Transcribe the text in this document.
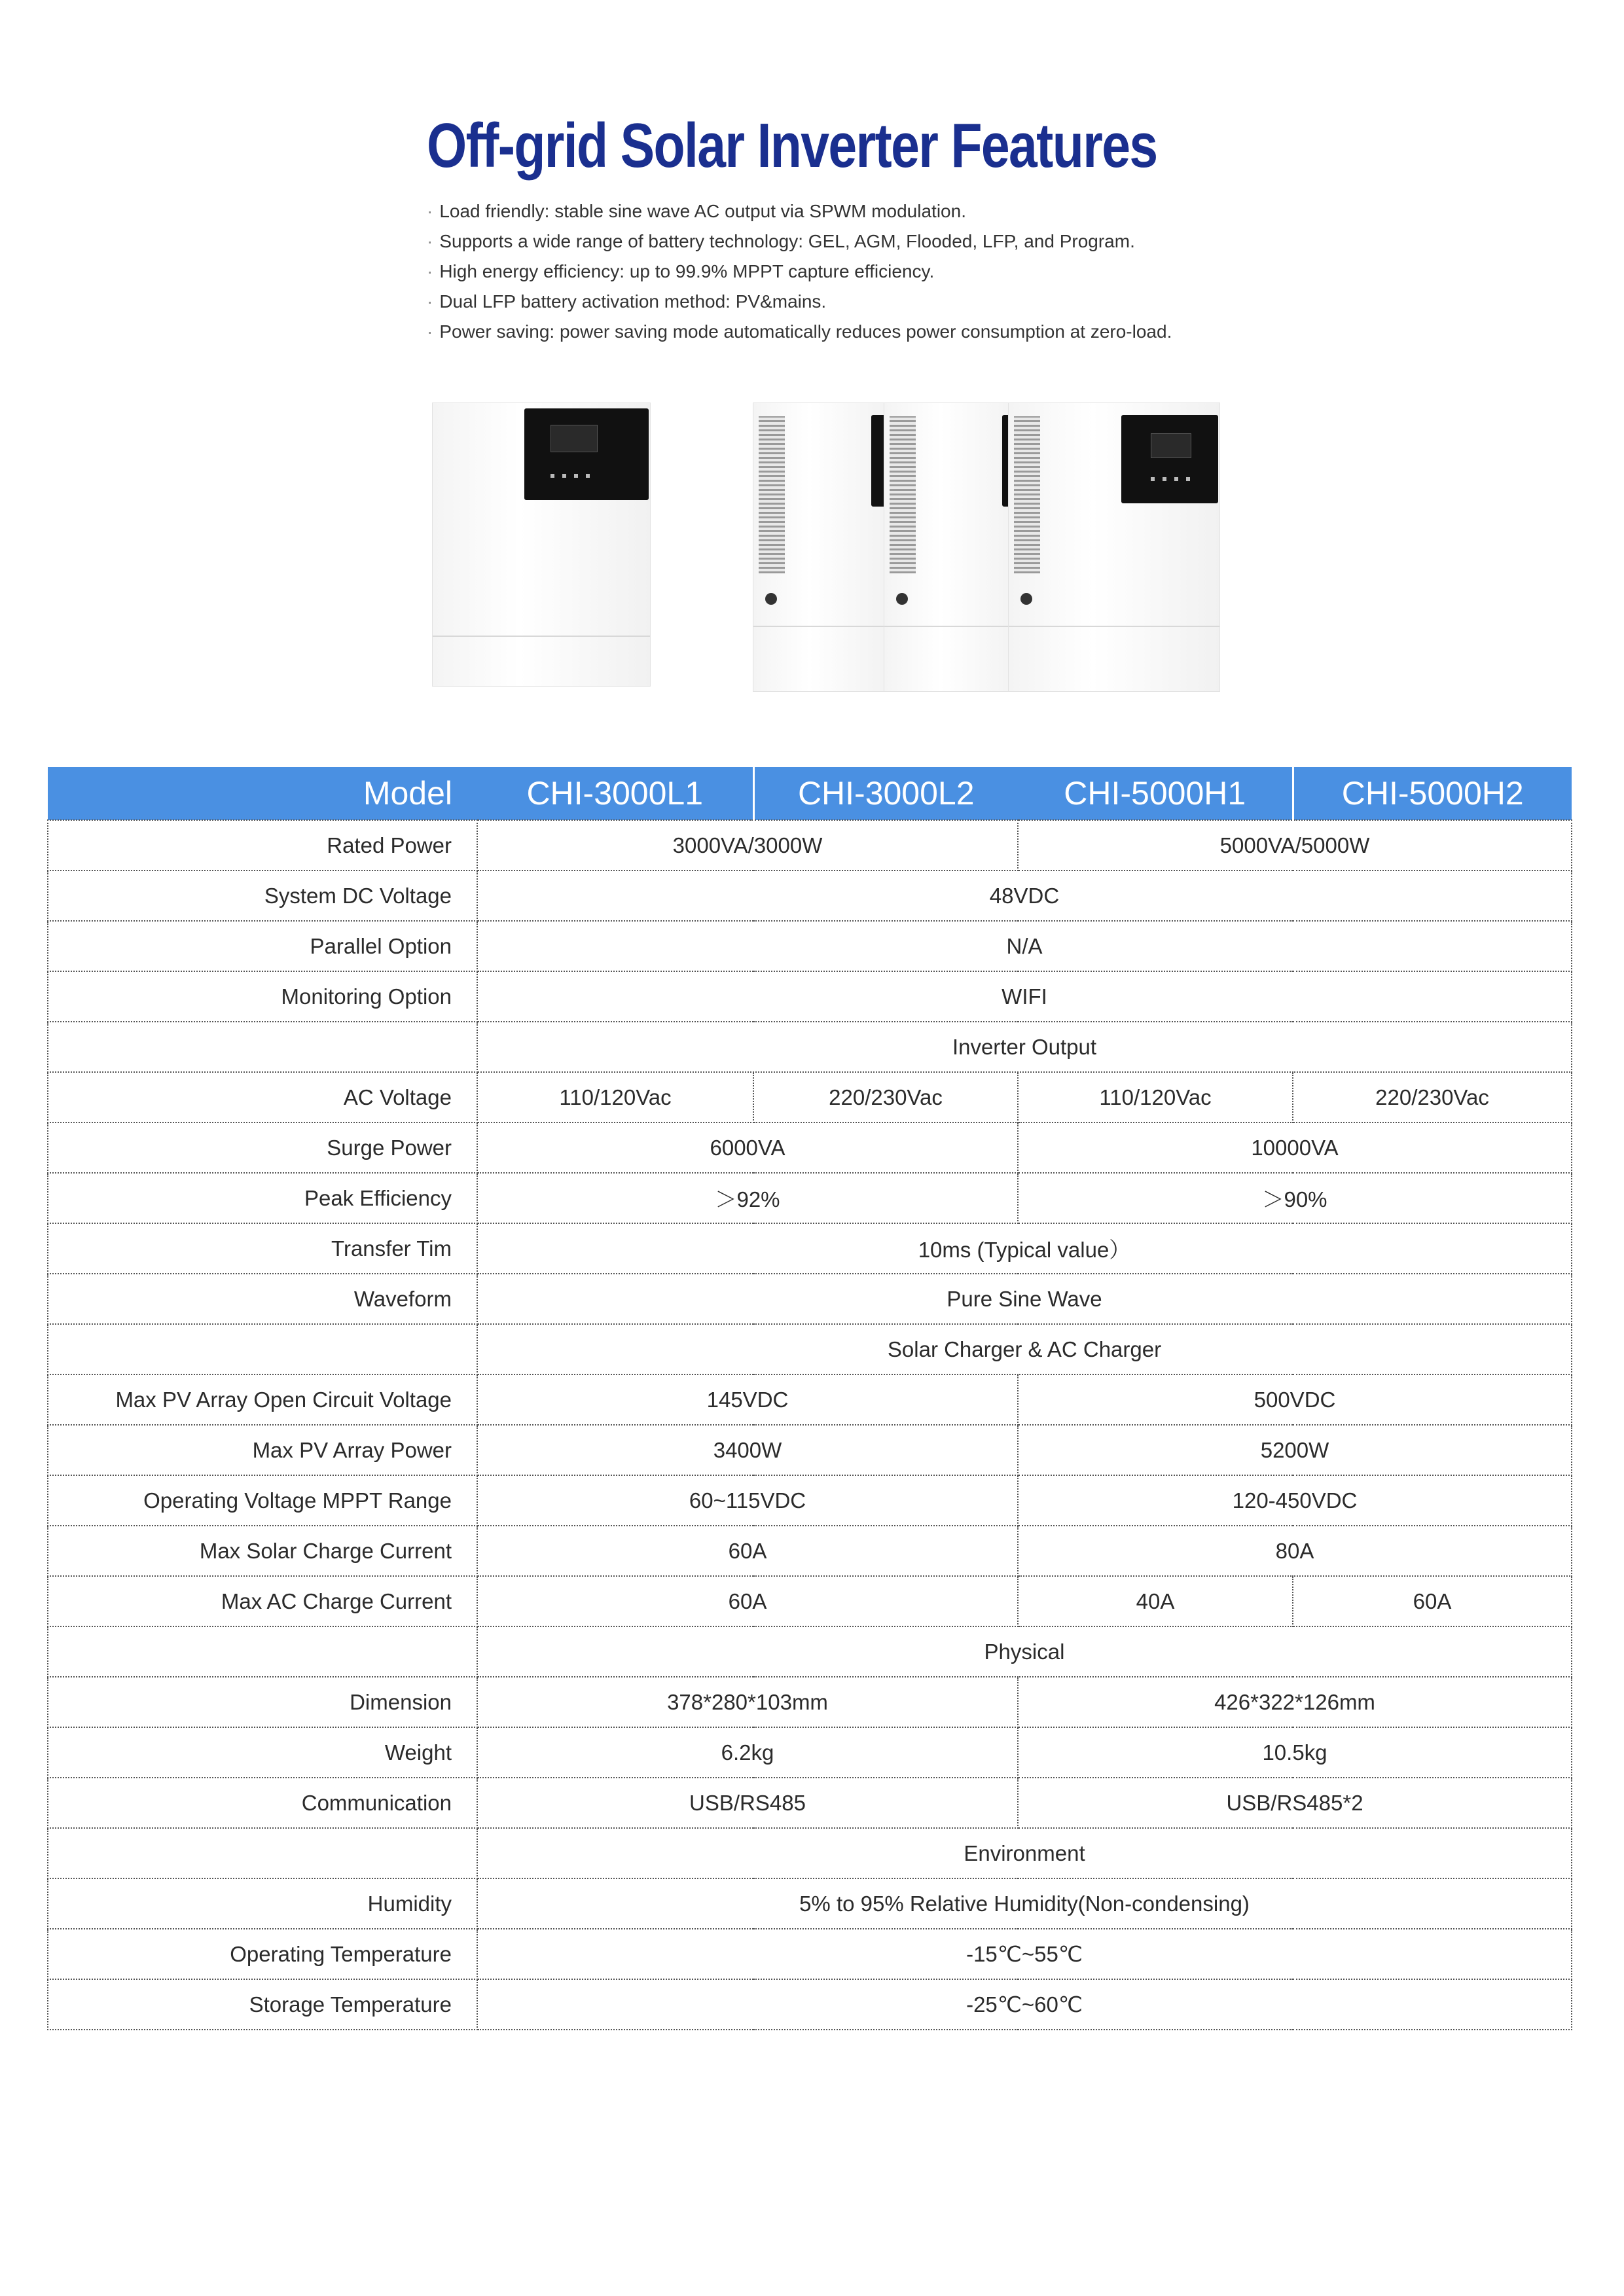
Off-grid Solar Inverter Features
· Load friendly: stable sine wave AC output via SPWM modulation.
· Supports a wide range of battery technology: GEL, AGM, Flooded, LFP, and Program.
· High energy efficiency: up to 99.9% MPPT capture efficiency.
· Dual LFP battery activation method: PV&mains.
· Power saving: power saving mode automatically reduces power consumption at zero-load.
Model	CHI-3000L1	CHI-3000L2	CHI-5000H1	CHI-5000H2
Rated Power	3000VA/3000W		5000VA/5000W	
System DC Voltage	48VDC			
Parallel Option	N/A			
Monitoring Option	WIFI			
	Inverter Output			
AC Voltage	110/120Vac	220/230Vac	110/120Vac	220/230Vac
Surge Power	6000VA		10000VA	
Peak Efficiency	＞92%		＞90%	
Transfer Tim	10ms (Typical value）			
Waveform	Pure Sine Wave			
	Solar Charger & AC Charger			
Max PV Array Open Circuit Voltage	145VDC		500VDC	
Max PV Array Power	3400W		5200W	
Operating Voltage MPPT Range	60~115VDC		120-450VDC	
Max Solar Charge Current	60A		80A	
Max AC Charge Current	60A		40A	60A
	Physical			
Dimension	378*280*103mm		426*322*126mm	
Weight	6.2kg		10.5kg	
Communication	USB/RS485		USB/RS485*2	
	Environment			
Humidity	5% to 95% Relative Humidity(Non-condensing)			
Operating Temperature	-15℃~55℃			
Storage Temperature	-25℃~60℃			
